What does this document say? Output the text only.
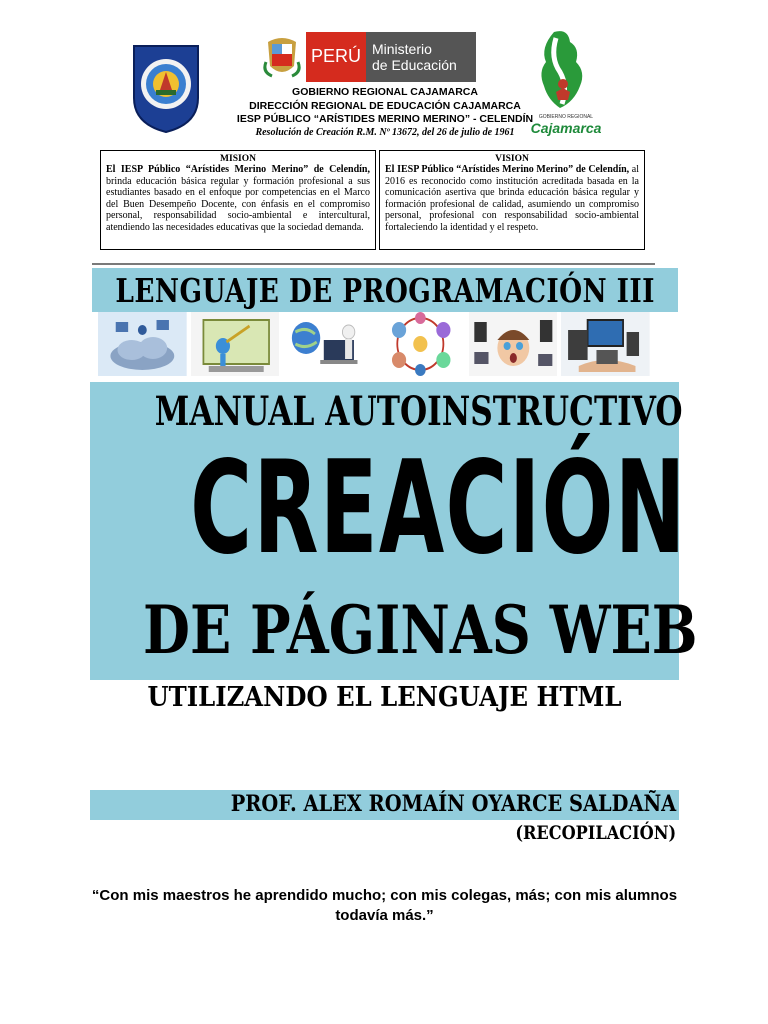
PERÚ Ministerio
de Educación
GOBIERNO REGIONAL
Cajamarca
GOBIERNO REGIONAL CAJAMARCA
DIRECCIÓN REGIONAL DE EDUCACIÓN CAJAMARCA
IESP PÚBLICO “ARÍSTIDES MERINO MERINO” - CELENDÍN
Resolución de Creación R.M. Nº 13672, del 26 de julio de 1961
MISION
El IESP Público “Arístides Merino Merino” de Celendín, brinda educación básica regular y formación profesional a sus estudiantes basado en el enfoque por competencias en el Marco del Buen Desempeño Docente, con énfasis en el compromiso personal, responsabilidad socio-ambiental e intercultural, atendiendo las necesidades educativas que la sociedad demanda.
VISION
El IESP Público “Arístides Merino Merino” de Celendín, al 2016 es reconocido como institución acreditada basada en la comunicación asertiva que brinda educación básica regular y formación profesional de calidad, asumiendo un compromiso personal, profesional con responsabilidad socio-ambiental fortaleciendo la identidad y el respeto.
LENGUAJE DE PROGRAMACIÓN III
MANUAL AUTOINSTRUCTIVO
CREACIÓN
DE PÁGINAS WEB
UTILIZANDO EL LENGUAJE HTML
PROF. ALEX ROMAÍN OYARCE SALDAÑA
(RECOPILACIÓN)
“Con mis maestros he aprendido mucho; con mis colegas, más; con mis alumnos todavía más.”
